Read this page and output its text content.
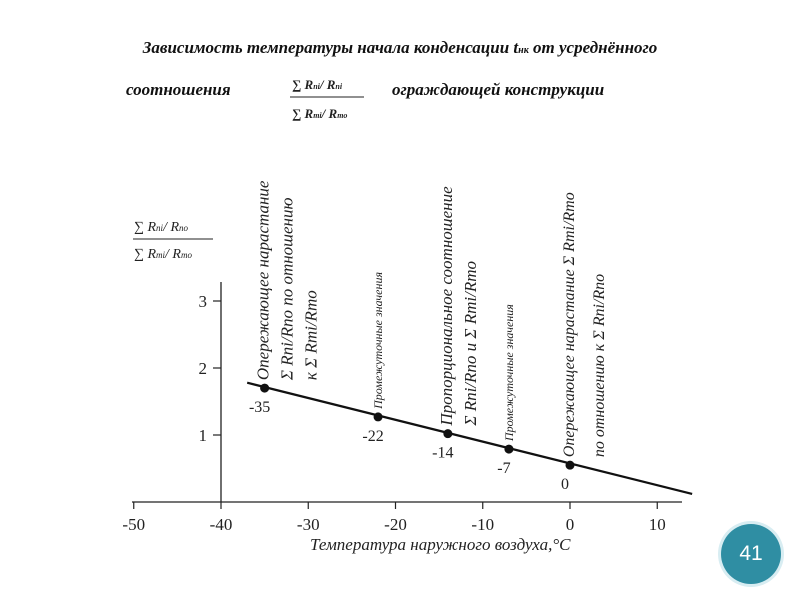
Зависимость температуры начала конденсации tнк от усреднённого
соотношения	ограждающей конструкции
∑ Rпі/ Rпі
∑ Rті/ Rто
∑ Rпі/ Rпо
∑ Rті/ Rто
-50	-40	-30	-20	-10	0	10
1
2
3
-35
-22
-14
-7
0
Опережающее нарастание Σ Rпі/Rпо по отношению к Σ Rті/Rто	Промежуточные значения	Пропорциональное соотношение Σ Rпі/Rпо и Σ Rті/Rто Промежуточные значения	Опережающее нарастание Σ Rті/Rто по отношению к Σ Rпі/Rпо
Температура наружного воздуха,°С	41
